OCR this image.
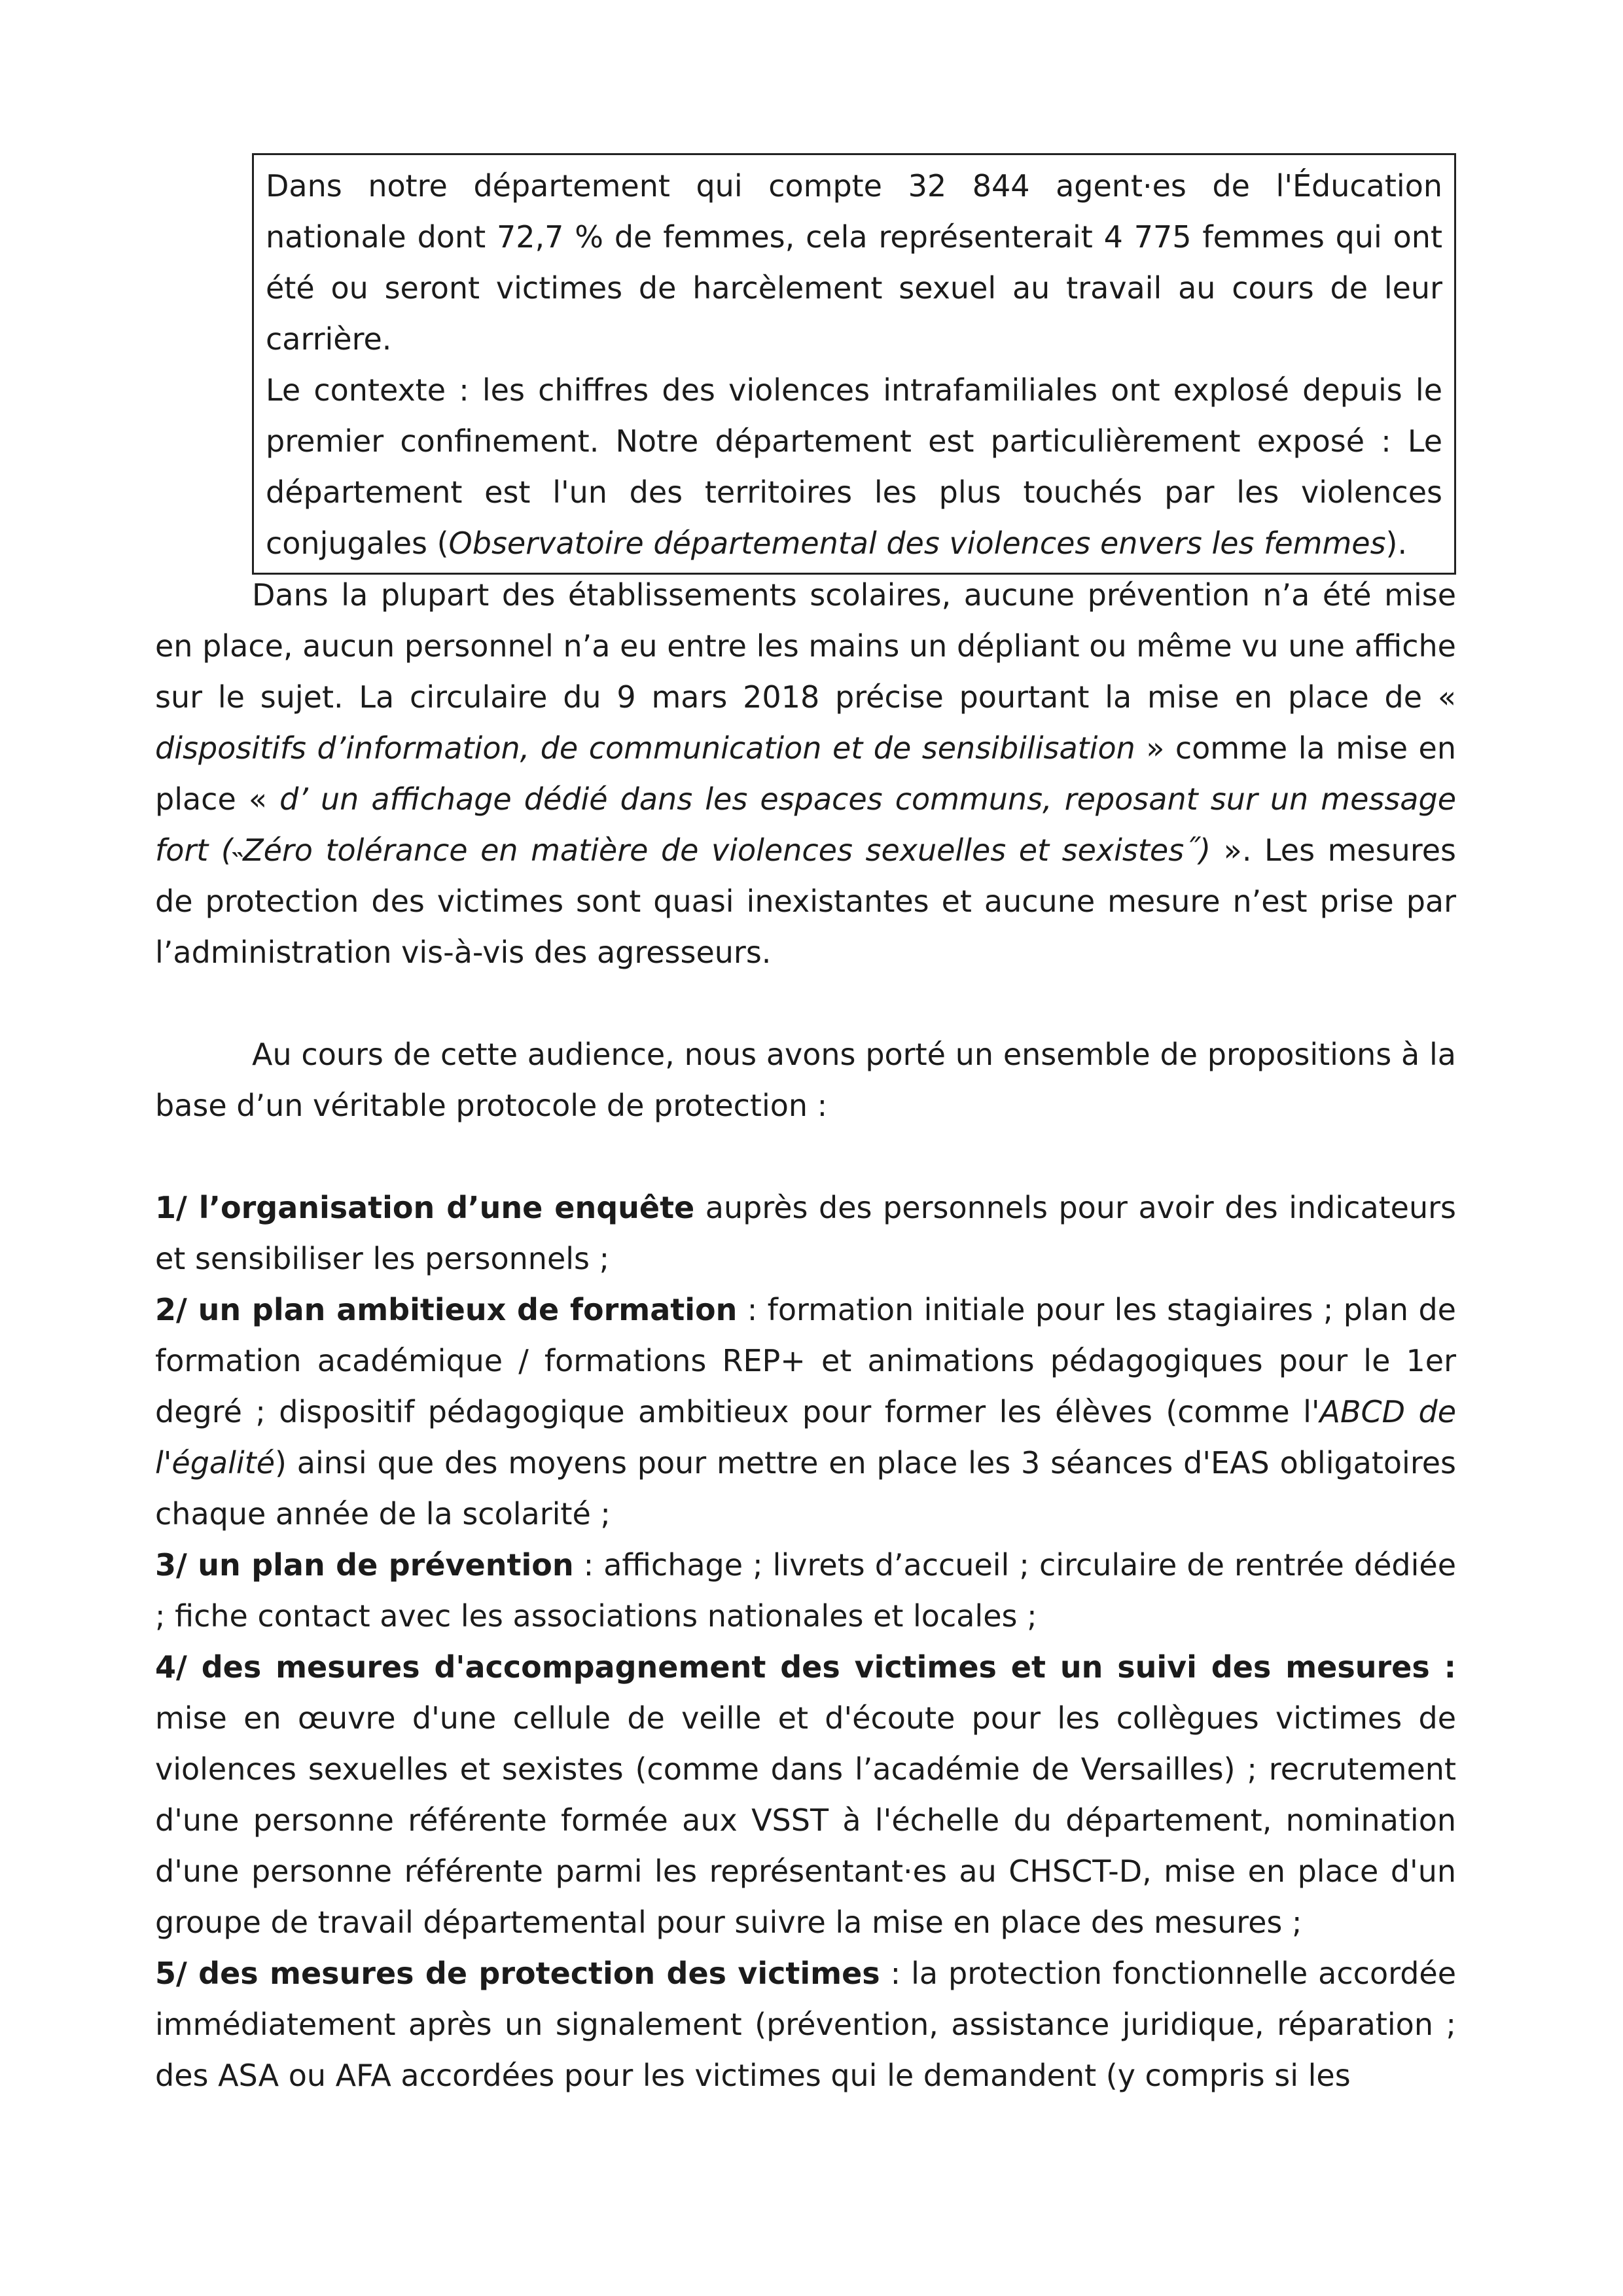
Dans notre département qui compte 32 844 agent·es de l'Éducation nationale dont 72,7 % de femmes, cela représenterait 4 775 femmes qui ont été ou seront victimes de harcèlement sexuel au travail au cours de leur carrière.

Le contexte : les chiffres des violences intrafamiliales ont explosé depuis le premier confinement. Notre département est particulièrement exposé : Le département est l'un des territoires les plus touchés par les violences conjugales (Observatoire départemental des violences envers les femmes).

Dans la plupart des établissements scolaires, aucune prévention n’a été mise en place, aucun personnel n’a eu entre les mains un dépliant ou même vu une affiche sur le sujet. La circulaire du 9 mars 2018 précise pourtant la mise en place de « dispositifs d’information, de communication et de sensibilisation » comme la mise en place « d’ un affichage dédié dans les espaces communs, reposant sur un message fort (˵Zéro tolérance en matière de violences sexuelles et sexistes˝) ». Les mesures de protection des victimes sont quasi inexistantes et aucune mesure n’est prise par l’administration vis-à-vis des agresseurs.

Au cours de cette audience, nous avons porté un ensemble de propositions à la base d’un véritable protocole de protection :

1/ l’organisation d’une enquête auprès des personnels pour avoir des indicateurs et sensibiliser les personnels ;

2/ un plan ambitieux de formation : formation initiale pour les stagiaires ; plan de formation académique / formations REP+ et animations pédagogiques pour le 1er degré ; dispositif pédagogique ambitieux pour former les élèves (comme l'ABCD de l'égalité) ainsi que des moyens pour mettre en place les 3 séances d'EAS obligatoires chaque année de la scolarité ;

3/ un plan de prévention : affichage ; livrets d’accueil ; circulaire de rentrée dédiée ; fiche contact avec les associations nationales et locales ;

4/ des mesures d'accompagnement des victimes et un suivi des mesures : mise en œuvre d'une cellule de veille et d'écoute pour les collègues victimes de violences sexuelles et sexistes (comme dans l’académie de Versailles) ; recrutement d'une personne référente formée aux VSST à l'échelle du département, nomination d'une personne référente parmi les représentant·es au CHSCT-D, mise en place d'un groupe de travail départemental pour suivre la mise en place des mesures ;

5/ des mesures de protection des victimes : la protection fonctionnelle accordée immédiatement après un signalement (prévention, assistance juridique, réparation ; des ASA ou AFA accordées pour les victimes qui le demandent (y compris si les
